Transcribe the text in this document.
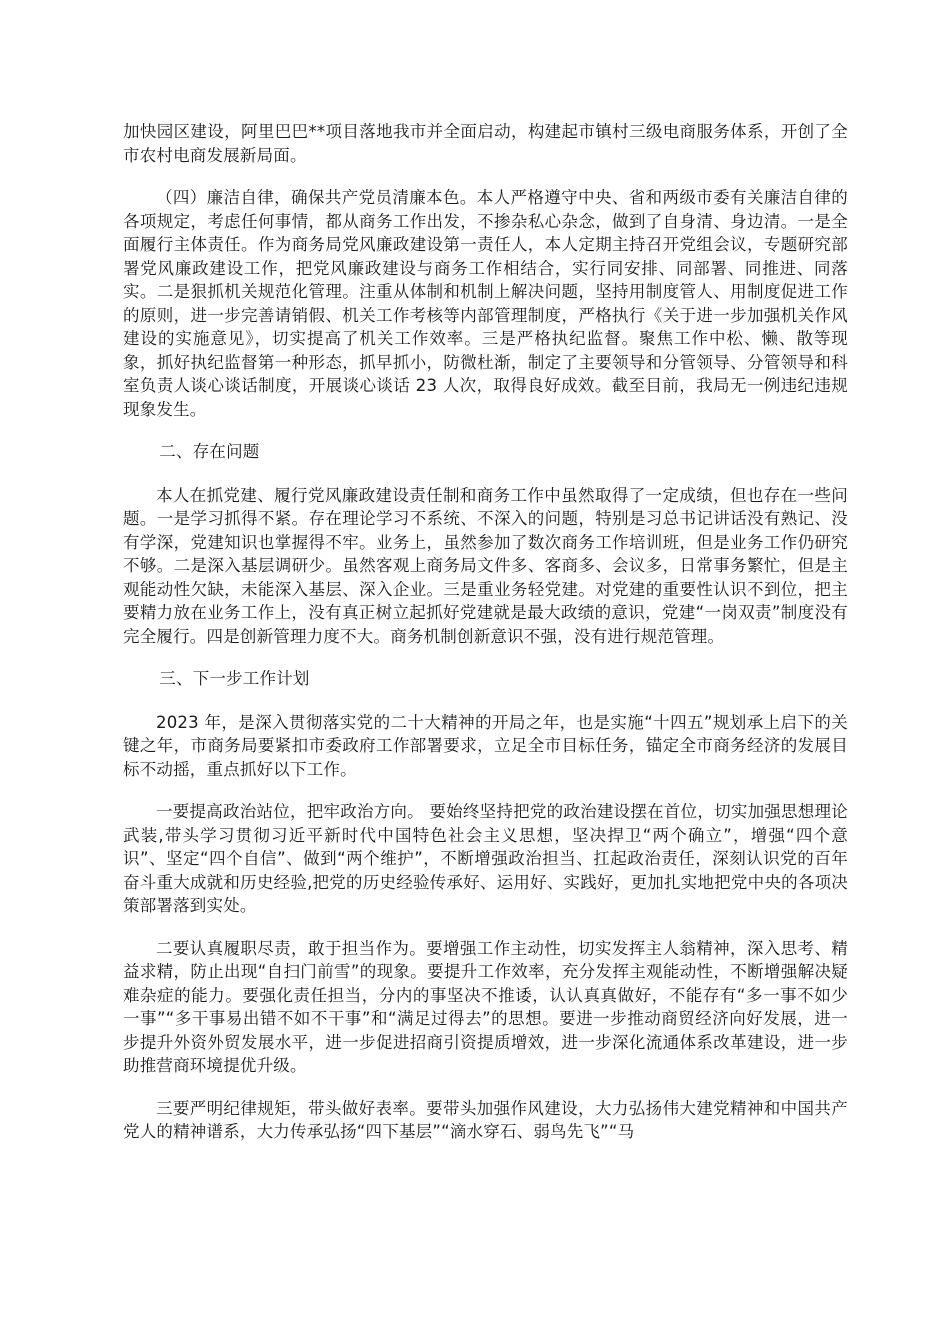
加快园区建设，阿里巴巴**项目落地我市并全面启动，构建起市镇村三级电商服务体系，开创了全市农村电商发展新局面。

（四）廉洁自律，确保共产党员清廉本色。本人严格遵守中央、省和两级市委有关廉洁自律的各项规定，考虑任何事情，都从商务工作出发，不掺杂私心杂念，做到了自身清、身边清。一是全面履行主体责任。作为商务局党风廉政建设第一责任人，本人定期主持召开党组会议，专题研究部署党风廉政建设工作，把党风廉政建设与商务工作相结合，实行同安排、同部署、同推进、同落实。二是狠抓机关规范化管理。注重从体制和机制上解决问题，坚持用制度管人、用制度促进工作的原则，进一步完善请销假、机关工作考核等内部管理制度，严格执行《关于进一步加强机关作风建设的实施意见》，切实提高了机关工作效率。三是严格执纪监督。聚焦工作中松、懒、散等现象，抓好执纪监督第一种形态，抓早抓小，防微杜渐，制定了主要领导和分管领导、分管领导和科室负责人谈心谈话制度，开展谈心谈话 23 人次，取得良好成效。截至目前，我局无一例违纪违规现象发生。

二、存在问题

本人在抓党建、履行党风廉政建设责任制和商务工作中虽然取得了一定成绩，但也存在一些问题。一是学习抓得不紧。存在理论学习不系统、不深入的问题，特别是习总书记讲话没有熟记、没有学深，党建知识也掌握得不牢。业务上，虽然参加了数次商务工作培训班，但是业务工作仍研究不够。二是深入基层调研少。虽然客观上商务局文件多、客商多、会议多，日常事务繁忙，但是主观能动性欠缺，未能深入基层、深入企业。三是重业务轻党建。对党建的重要性认识不到位，把主要精力放在业务工作上，没有真正树立起抓好党建就是最大政绩的意识，党建“一岗双责”制度没有完全履行。四是创新管理力度不大。商务机制创新意识不强，没有进行规范管理。

三、下一步工作计划

2023 年，是深入贯彻落实党的二十大精神的开局之年，也是实施“十四五”规划承上启下的关键之年，市商务局要紧扣市委政府工作部署要求，立足全市目标任务，锚定全市商务经济的发展目标不动摇，重点抓好以下工作。

一要提高政治站位，把牢政治方向。 要始终坚持把党的政治建设摆在首位，切实加强思想理论武装,带头学习贯彻习近平新时代中国特色社会主义思想，坚决捍卫“两个确立”，增强“四个意识”、坚定“四个自信”、做到“两个维护”，不断增强政治担当、扛起政治责任，深刻认识党的百年奋斗重大成就和历史经验,把党的历史经验传承好、运用好、实践好，更加扎实地把党中央的各项决策部署落到实处。

二要认真履职尽责，敢于担当作为。要增强工作主动性，切实发挥主人翁精神，深入思考、精益求精，防止出现“自扫门前雪”的现象。要提升工作效率，充分发挥主观能动性，不断增强解决疑难杂症的能力。要强化责任担当，分内的事坚决不推诿，认认真真做好，不能存有“多一事不如少一事”“多干事易出错不如不干事”和“满足过得去”的思想。要进一步推动商贸经济向好发展，进一步提升外资外贸发展水平，进一步促进招商引资提质增效，进一步深化流通体系改革建设，进一步助推营商环境提优升级。

三要严明纪律规矩，带头做好表率。要带头加强作风建设，大力弘扬伟大建党精神和中国共产党人的精神谱系，大力传承弘扬“四下基层”“滴水穿石、弱鸟先飞”“马
